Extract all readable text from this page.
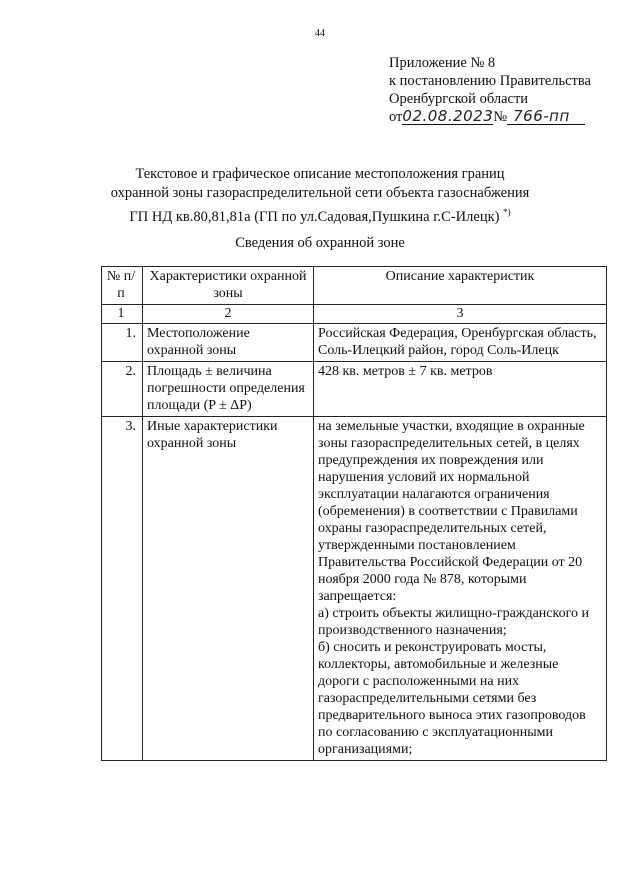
44
Приложение № 8
к постановлению Правительства
Оренбургской области
от02.08.2023№ 766-пп
Текстовое и графическое описание местоположения границ
охранной зоны газораспределительной сети объекта газоснабжения
ГП НД кв.80,81,81а (ГП по ул.Садовая,Пушкина г.С-Илецк) *)
Сведения об охранной зоне
№ п/п	Характеристики охранной зоны	Описание характеристик
1	2	3
1.	Местоположение охранной зоны	Российская Федерация, Оренбургская область, Соль-Илецкий район, город Соль-Илецк
2.	Площадь ± величина погрешности определения площади (P ± ΔP)	428 кв. метров ± 7 кв. метров
3.	Иные характеристики охранной зоны	на земельные участки, входящие в охранные зоны газораспределительных сетей, в целях предупреждения их повреждения или нарушения условий их нормальной эксплуатации налагаются ограничения (обременения) в соответствии с Правилами охраны газораспределительных сетей, утвержденными постановлением Правительства Российской Федерации от 20 ноября 2000 года № 878, которыми запрещается:
а) строить объекты жилищно-гражданского и производственного назначения;
б) сносить и реконструировать мосты, коллекторы, автомобильные и железные дороги с расположенными на них газораспределительными сетями без предварительного выноса этих газопроводов по согласованию с эксплуатационными организациями;
